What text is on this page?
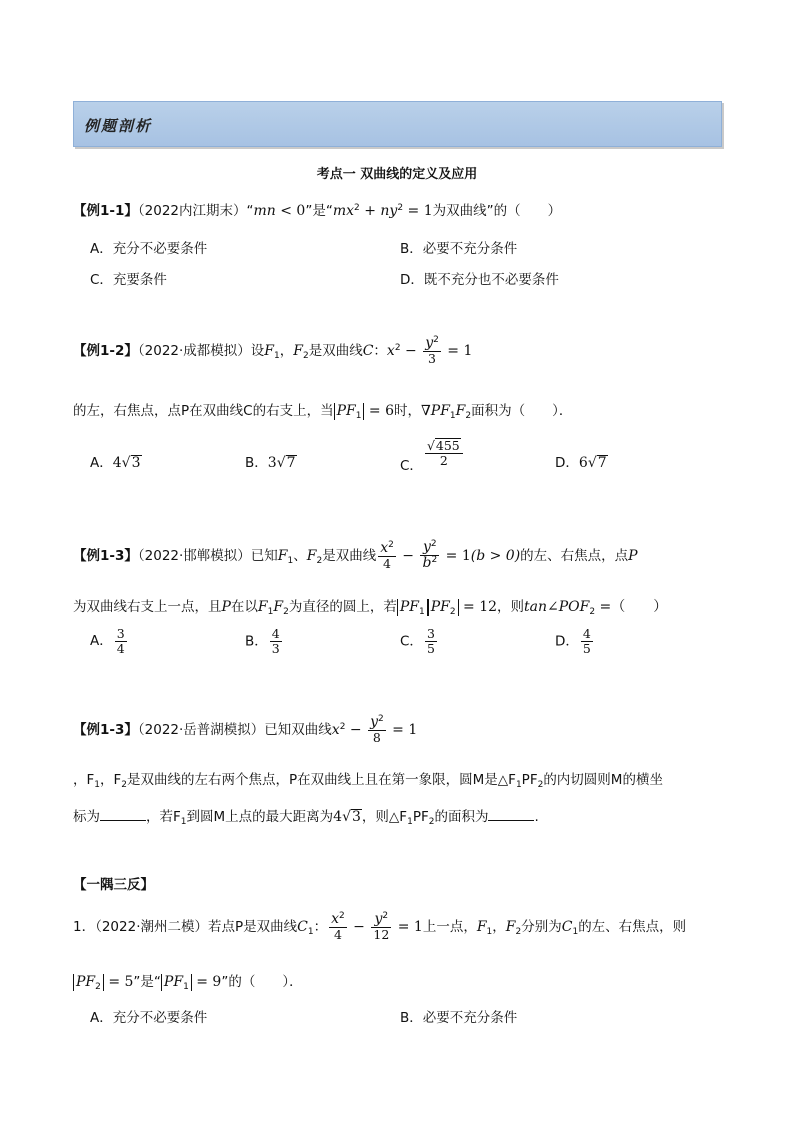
例题剖析
考点一 双曲线的定义及应用
【例1-1】（2022内江期末）“mn < 0”是“$mx^2 + ny^2 = 1$为双曲线”的（　　）
A．充分不必要条件	B．必要不充分条件
C．充要条件	D．既不充分也不必要条件
【例1-2】（2022·成都模拟）设$F_1$，$F_2$是双曲线C：$x^2 - \frac{y^2}{3} = 1$
的左，右焦点，点P在双曲线C的右支上，当 $PF_1 = 6$时，$\nabla PF_1F_2$面积为（　　）．
A．4√3	B．3√7	C． $\frac{√455}{2}$	D．6√7
【例1-3】（2022·邯郸模拟）已知$F_1$、$F_2$是双曲线 $\frac{x^2}{4} - \frac{y^2}{b^2} = 1(b > 0)$的左、右焦点，点P
为双曲线右支上一点，且P在以$F_1F_2$为直径的圆上，若 $PF_1$ $PF_2 = 12$，则$\tan\angle POF_2$ =（　　）
A． $\frac{3}{4}$	B． $\frac{4}{3}$	C． $\frac{3}{5}$	D． $\frac{4}{5}$
【例1-3】（2022·岳普湖模拟）已知双曲线$x^2 - \frac{y^2}{8} = 1$
，$F_1$，$F_2$是双曲线的左右两个焦点，P在双曲线上且在第一象限，圆M是$\triangle F_1PF_2$的内切圆则M的横坐
标为	，若$F_1$到圆M上点的最大距离为4√3，则$\triangle F_1PF_2$的面积为	.
【一隅三反】
1．（2022·潮州二模）若点P是双曲线$C_1$： $\frac{x^2}{4} - \frac{y^2}{12} = 1$上一点，$F_1$，$F_2$分别为$C_1$的左、右焦点，则
$PF_2 = 5$”是“ $PF_1 = 9$”的（　　）．
A．充分不必要条件	B．必要不充分条件
